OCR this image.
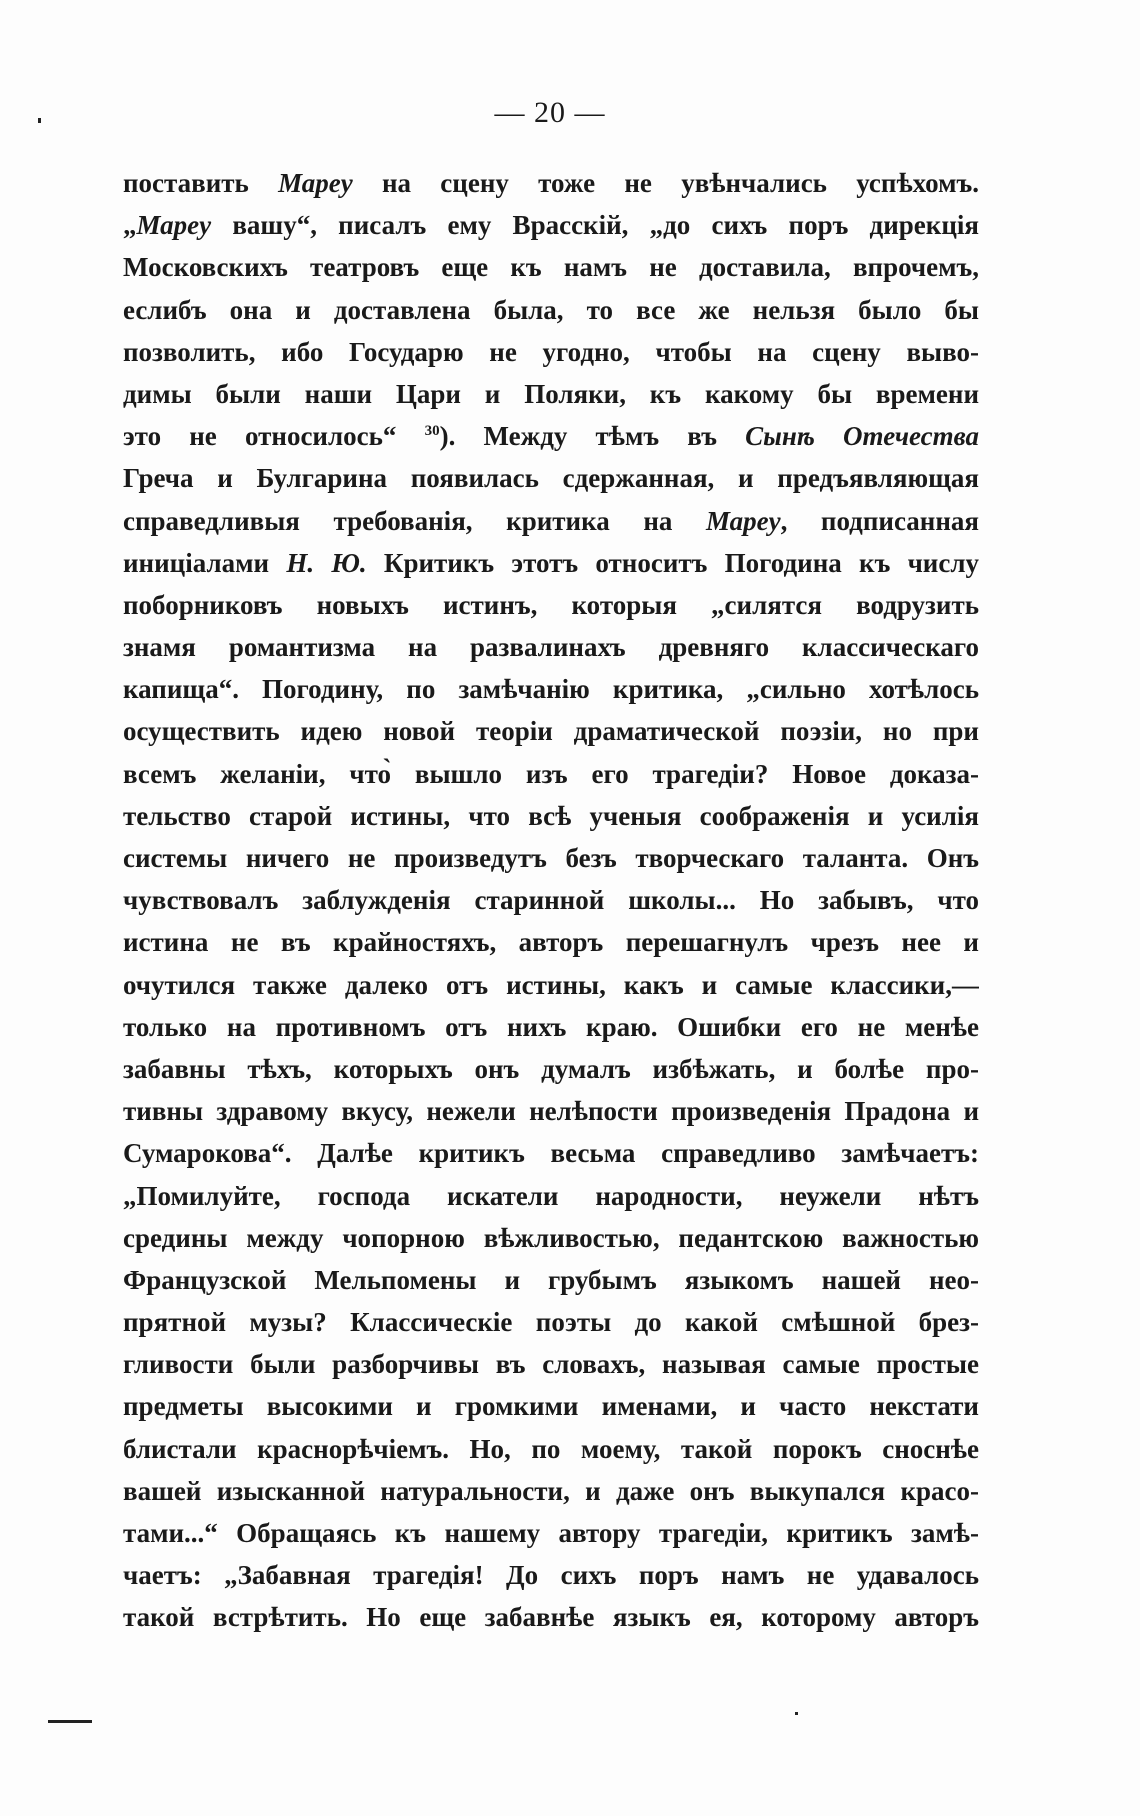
— 20 —
поставить Мареу на сцену тоже не увѣнчались успѣхомъ.
„Мареу вашу“, писалъ ему Врасскій, „до сихъ поръ дирекція
Московскихъ театровъ еще къ намъ не доставила, впрочемъ,
еслибъ она и доставлена была, то все же нельзя было бы
позволить, ибо Государю не угодно, чтобы на сцену выво-
димы были наши Цари и Поляки, къ какому бы времени
это не относилось“ $^{30}$). Между тѣмъ въ Сынѣ Отечества
Греча и Булгарина появилась сдержанная, и предъявляющая
справедливыя требованія, критика на Мареу, подписанная
иниціалами Н. Ю. Критикъ этотъ относитъ Погодина къ числу
поборниковъ новыхъ истинъ, которыя „силятся водрузить
знамя романтизма на развалинахъ древняго классическаго
капища“. Погодину, по замѣчанію критика, „сильно хотѣлось
осуществить идею новой теоріи драматической поэзіи, но при
всемъ желаніи, что̀ вышло изъ его трагедіи? Новое доказа-
тельство старой истины, что всѣ ученыя соображенія и усилія
системы ничего не произведутъ безъ творческаго таланта. Онъ
чувствовалъ заблужденія старинной школы... Но забывъ, что
истина не въ крайностяхъ, авторъ перешагнулъ чрезъ нее и
очутился также далеко отъ истины, какъ и самые классики,—
только на противномъ отъ нихъ краю. Ошибки его не менѣе
забавны тѣхъ, которыхъ онъ думалъ избѣжать, и болѣе про-
тивны здравому вкусу, нежели нелѣпости произведенія Прадона и
Сумарокова“. Далѣе критикъ весьма справедливо замѣчаетъ:
„Помилуйте, господа искатели народности, неужели нѣтъ
средины между чопорною вѣжливостью, педантскою важностью
Французской Мельпомены и грубымъ языкомъ нашей нео-
прятной музы? Классическіе поэты до какой смѣшной брез-
гливости были разборчивы въ словахъ, называя самые простые
предметы высокими и громкими именами, и часто некстати
блистали краснорѣчіемъ. Но, по моему, такой порокъ сноснѣе
вашей изысканной натуральности, и даже онъ выкупался красо-
тами...“ Обращаясь къ нашему автору трагедіи, критикъ замѣ-
чаетъ: „Забавная трагедія! До сихъ поръ намъ не удавалось
такой встрѣтить. Но еще забавнѣе языкъ ея, которому авторъ
